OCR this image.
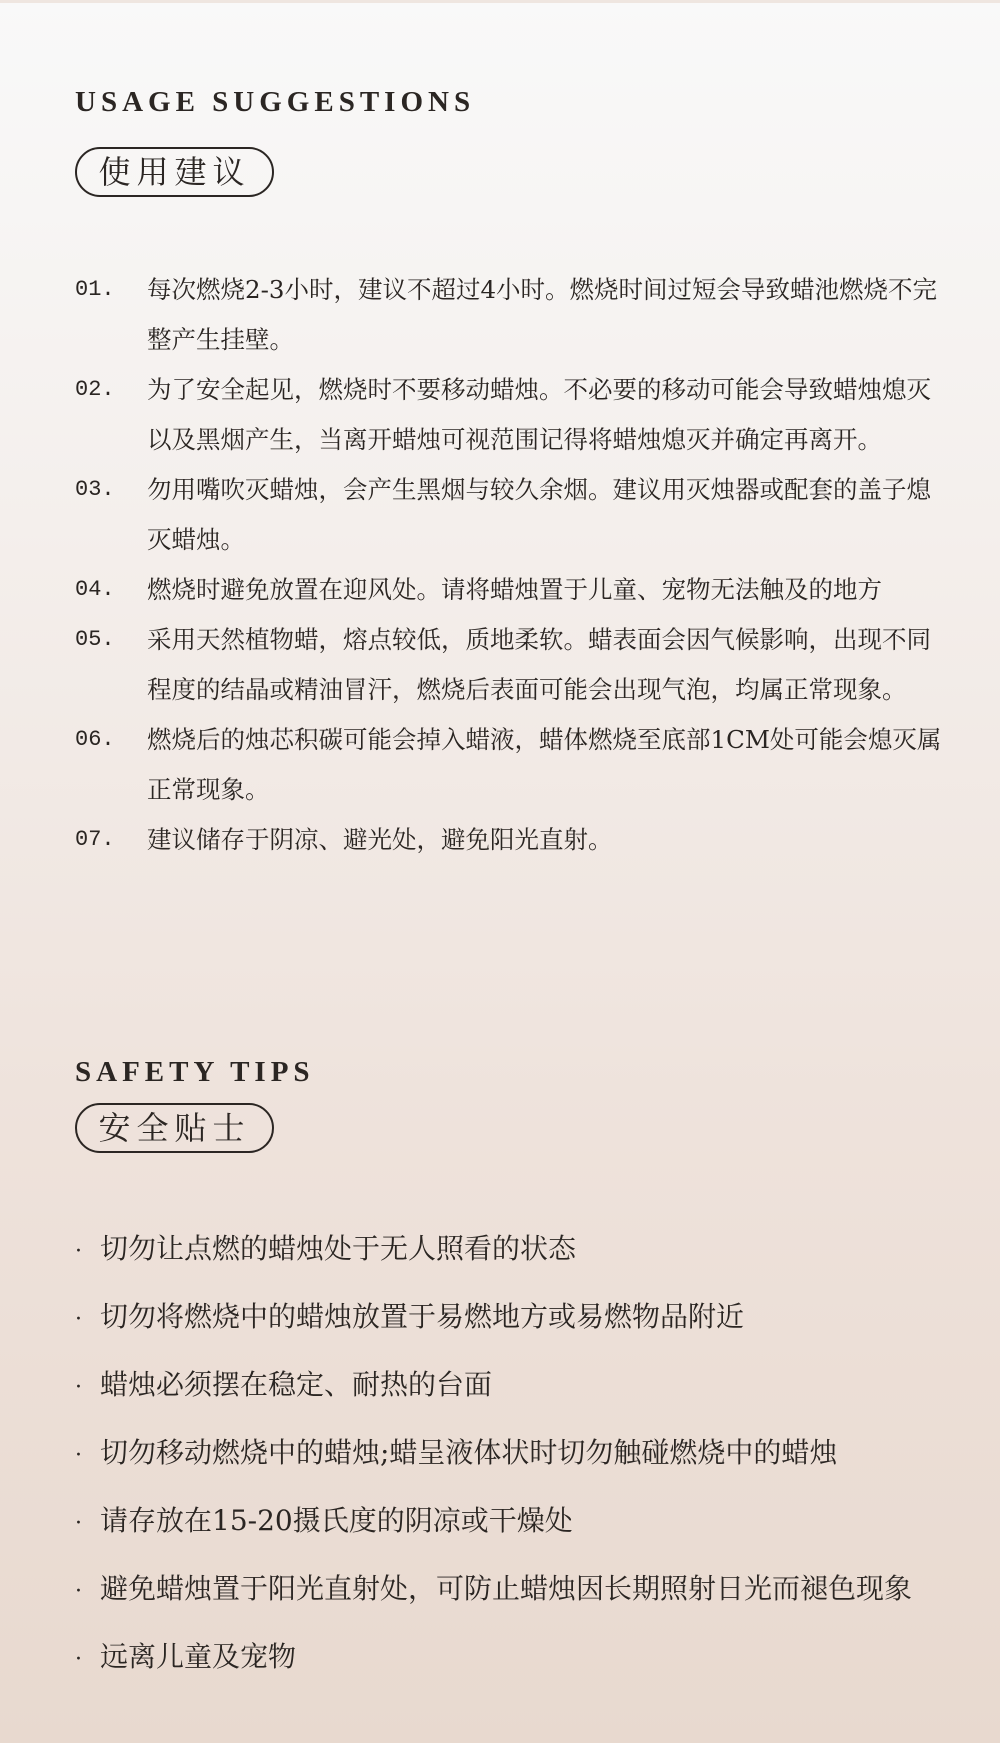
USAGE SUGGESTIONS
使用建议
01. 每次燃烧2-3小时，建议不超过4小时。燃烧时间过短会导致蜡池燃烧不完整产生挂壁。
02. 为了安全起见，燃烧时不要移动蜡烛。不必要的移动可能会导致蜡烛熄灭以及黑烟产生，当离开蜡烛可视范围记得将蜡烛熄灭并确定再离开。
03. 勿用嘴吹灭蜡烛，会产生黑烟与较久余烟。建议用灭烛器或配套的盖子熄灭蜡烛。
04. 燃烧时避免放置在迎风处。请将蜡烛置于儿童、宠物无法触及的地方
05. 采用天然植物蜡，熔点较低，质地柔软。蜡表面会因气候影响，出现不同程度的结晶或精油冒汗，燃烧后表面可能会出现气泡，均属正常现象。
06. 燃烧后的烛芯积碳可能会掉入蜡液，蜡体燃烧至底部1CM处可能会熄灭属正常现象。
07. 建议储存于阴凉、避光处，避免阳光直射。
SAFETY TIPS
安全贴士
· 切勿让点燃的蜡烛处于无人照看的状态
· 切勿将燃烧中的蜡烛放置于易燃地方或易燃物品附近
· 蜡烛必须摆在稳定、耐热的台面
· 切勿移动燃烧中的蜡烛;蜡呈液体状时切勿触碰燃烧中的蜡烛
· 请存放在15-20摄氏度的阴凉或干燥处
· 避免蜡烛置于阳光直射处，可防止蜡烛因长期照射日光而褪色现象
· 远离儿童及宠物
